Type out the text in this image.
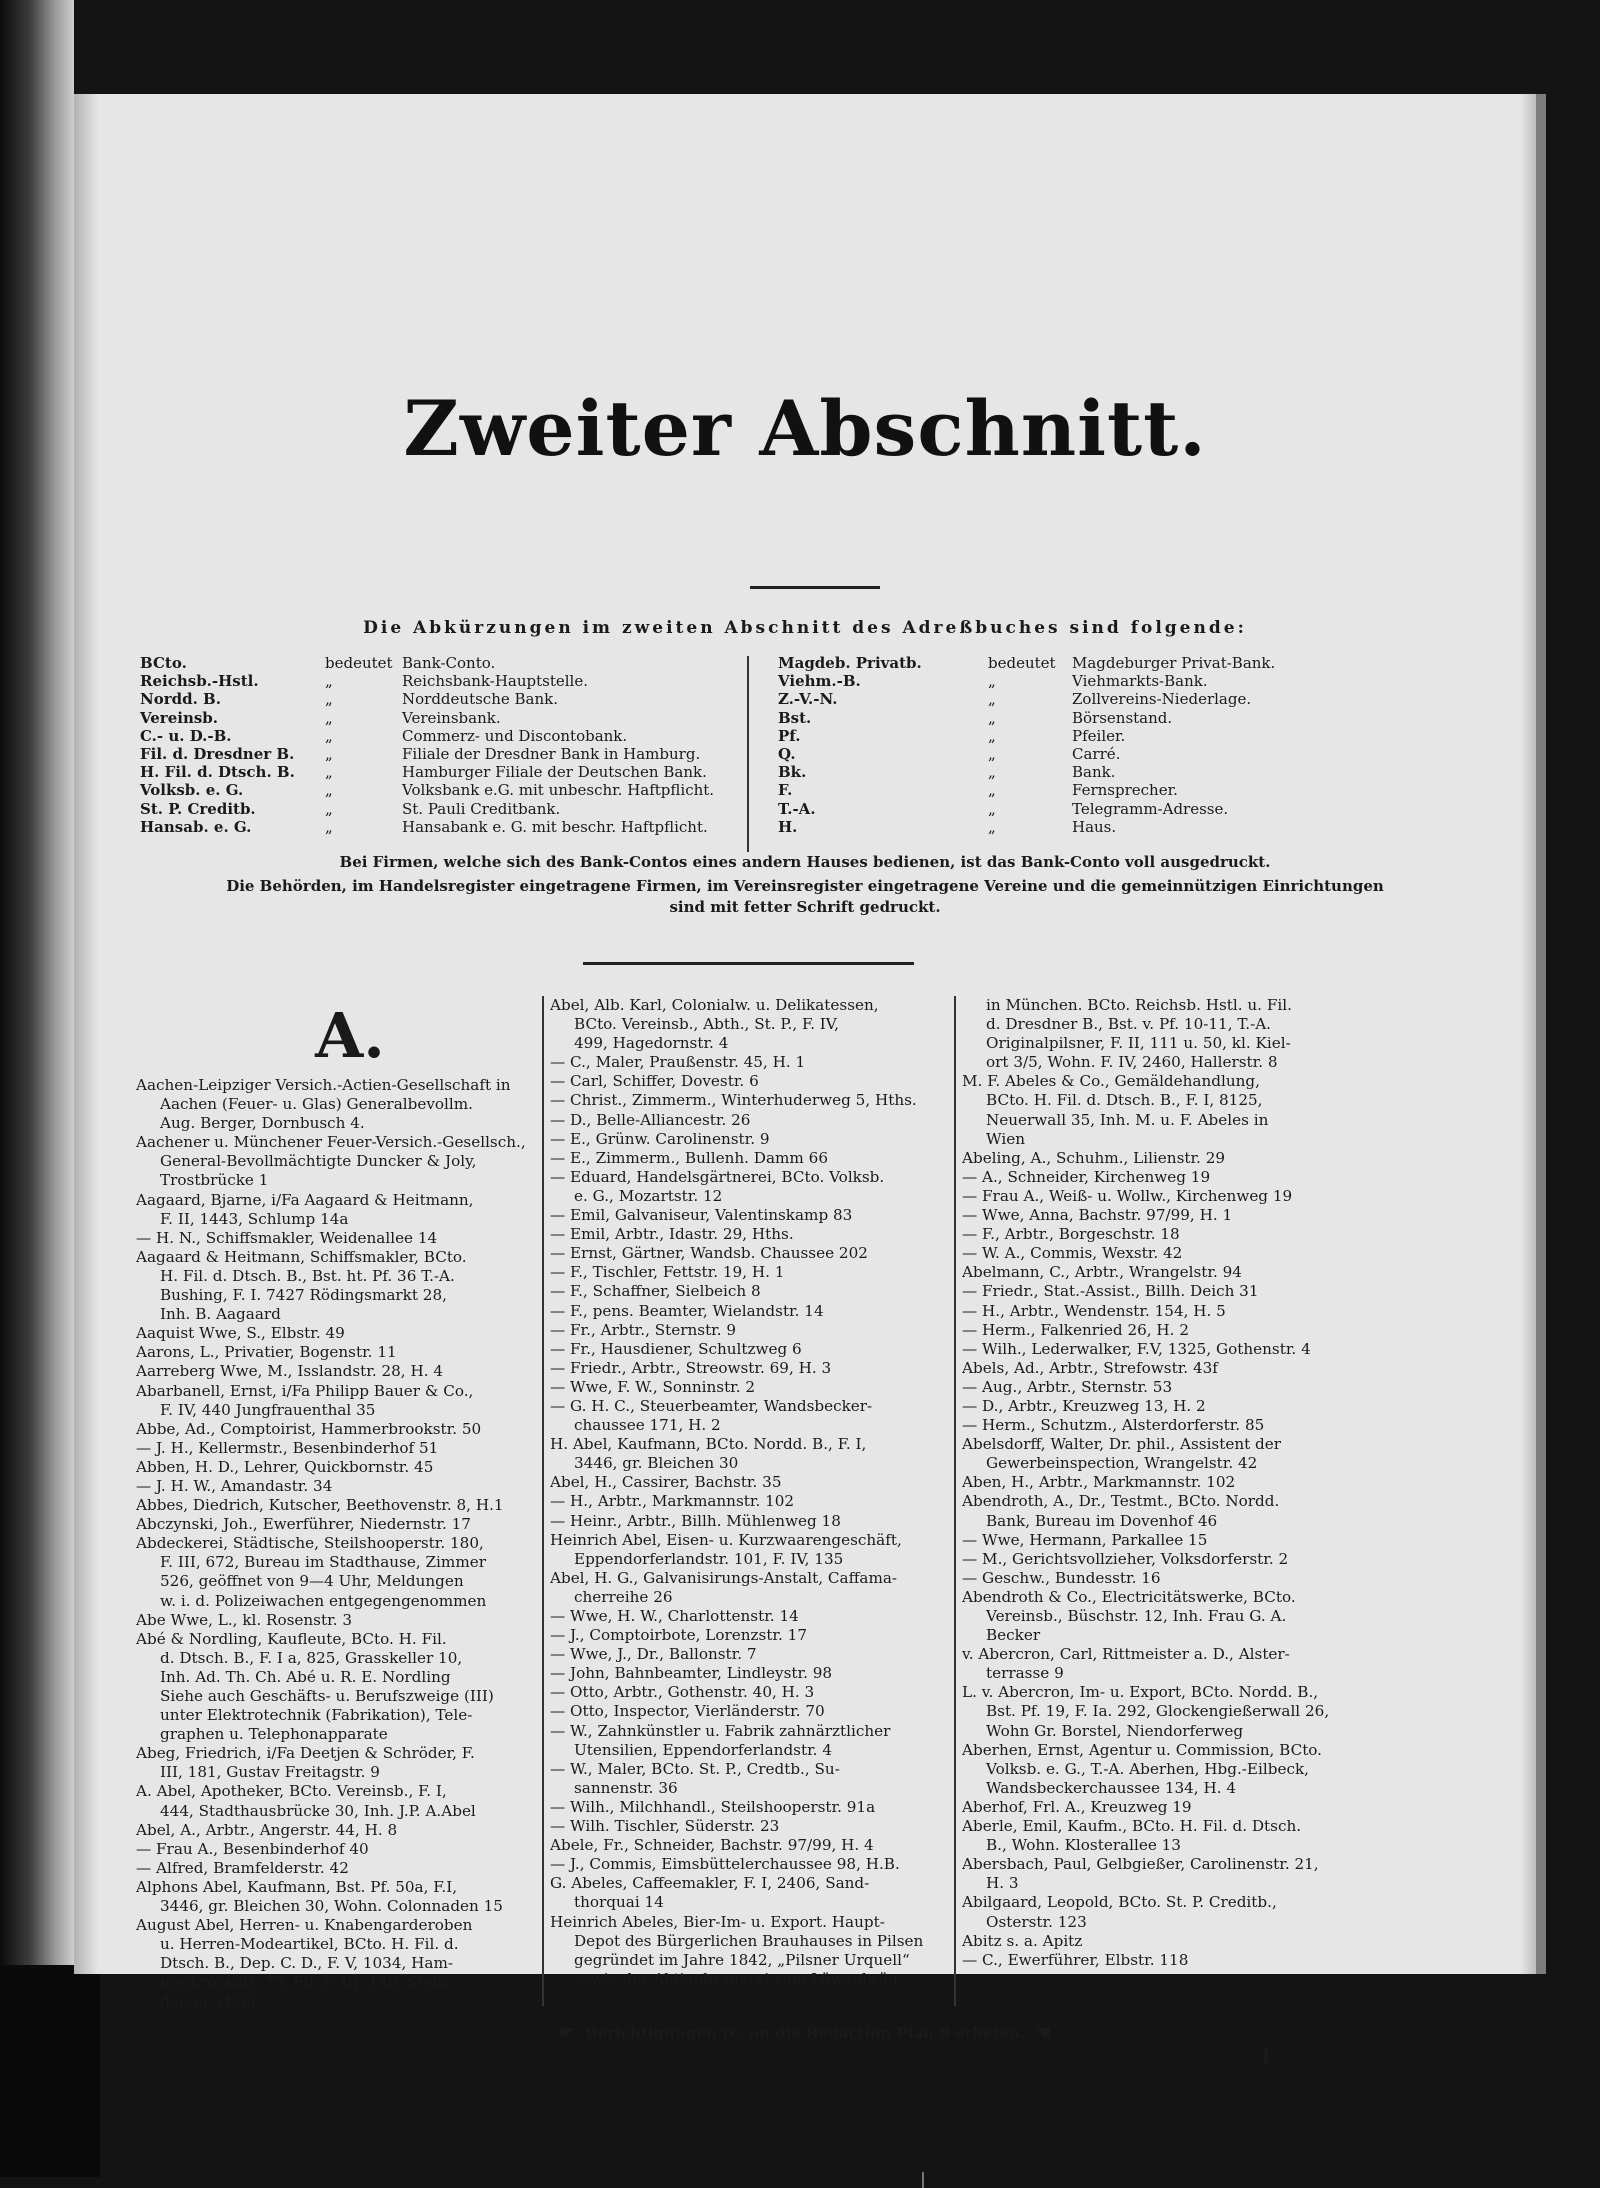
Zweiter Abschnitt.
Die Abkürzungen im zweiten Abschnitt des Adreßbuches sind folgende:
BCto.	bedeutet Bank-Conto.
Reichsb.-Hstl.	„	Reichsbank-Hauptstelle.
Nordd. B.	„	Norddeutsche Bank.
Vereinsb.	„	Vereinsbank.
C.- u. D.-B.	„	Commerz- und Discontobank.
Fil. d. Dresdner B. „	Filiale der Dresdner Bank in Hamburg.
H. Fil. d. Dtsch. B. „	Hamburger Filiale der Deutschen Bank.
Volksb. e. G.	„	Volksbank e.G. mit unbeschr. Haftpflicht.
St. P. Creditb.	„	St. Pauli Creditbank.
Hansab. e. G.	„	Hansabank e. G. mit beschr. Haftpflicht.
Magdeb. Privatb.	bedeutet Magdeburger Privat-Bank.
Viehm.-B.	„	Viehmarkts-Bank.
Z.-V.-N.	„	Zollvereins-Niederlage.
Bst.	„	Börsenstand.
Pf.	„	Pfeiler.
Q.	„	Carré.
Bk.	„	Bank.
F.	„	Fernsprecher.
T.-A.	„	Telegramm-Adresse.
H.	„	Haus.
Bei Firmen, welche sich des Bank-Contos eines andern Hauses bedienen, ist das Bank-Conto voll ausgedruckt.
Die Behörden, im Handelsregister eingetragene Firmen, im Vereinsregister eingetragene Vereine und die gemeinnützigen Einrichtungen
sind mit fetter Schrift gedruckt.
A.
Aachen-Leipziger Versich.-Actien-Gesellschaft in
Aachen (Feuer- u. Glas) Generalbevollm.
Aug. Berger, Dornbusch 4.
Aachener u. Münchener Feuer-Versich.-Gesellsch.,
General-Bevollmächtigte Duncker & Joly,
Trostbrücke 1
Aagaard, Bjarne, i/Fa Aagaard & Heitmann,
F. II, 1443, Schlump 14a
— H. N., Schiffsmakler, Weidenallee 14
Aagaard & Heitmann, Schiffsmakler, BCto.
H. Fil. d. Dtsch. B., Bst. ht. Pf. 36 T.-A.
Bushing, F. I. 7427 Rödingsmarkt 28,
Inh. B. Aagaard
Aaquist Wwe, S., Elbstr. 49
Aarons, L., Privatier, Bogenstr. 11
Aarreberg Wwe, M., Isslandstr. 28, H. 4
Abarbanell, Ernst, i/Fa Philipp Bauer & Co.,
F. IV, 440 Jungfrauenthal 35
Abbe, Ad., Comptoirist, Hammerbrookstr. 50
— J. H., Kellermstr., Besenbinderhof 51
Abben, H. D., Lehrer, Quickbornstr. 45
— J. H. W., Amandastr. 34
Abbes, Diedrich, Kutscher, Beethovenstr. 8, H.1
Abczynski, Joh., Ewerführer, Niedernstr. 17
Abdeckerei, Städtische, Steilshooperstr. 180,
F. III, 672, Bureau im Stadthause, Zimmer
526, geöffnet von 9—4 Uhr, Meldungen
w. i. d. Polizeiwachen entgegengenommen
Abe Wwe, L., kl. Rosenstr. 3
Abé & Nordling, Kaufleute, BCto. H. Fil.
d. Dtsch. B., F. I a, 825, Grasskeller 10,
Inh. Ad. Th. Ch. Abé u. R. E. Nordling
Siehe auch Geschäfts- u. Berufszweige (III)
unter Elektrotechnik (Fabrikation), Tele-
graphen u. Telephonapparate
Abeg, Friedrich, i/Fa Deetjen & Schröder, F.
III, 181, Gustav Freitagstr. 9
A. Abel, Apotheker, BCto. Vereinsb., F. I,
444, Stadthausbrücke 30, Inh. J.P. A.Abel
Abel, A., Arbtr., Angerstr. 44, H. 8
— Frau A., Besenbinderhof 40
— Alfred, Bramfelderstr. 42
Alphons Abel, Kaufmann, Bst. Pf. 50a, F.I,
3446, gr. Bleichen 30, Wohn. Colonnaden 15
August Abel, Herren- u. Knabengarderoben
u. Herren-Modeartikel, BCto. H. Fil. d.
Dtsch. B., Dep. C. D., F. V, 1034, Ham-
merbrookstr. 75, Fil. F. III, 146, Stein-
damm 54/56
Abel, Alb. Karl, Colonialw. u. Delikatessen,
BCto. Vereinsb., Abth., St. P., F. IV,
499, Hagedornstr. 4
— C., Maler, Praußenstr. 45, H. 1
— Carl, Schiffer, Dovestr. 6
— Christ., Zimmerm., Winterhuderweg 5, Hths.
— D., Belle-Alliancestr. 26
— E., Grünw. Carolinenstr. 9
— E., Zimmerm., Bullenh. Damm 66
— Eduard, Handelsgärtnerei, BCto. Volksb.
e. G., Mozartstr. 12
— Emil, Galvaniseur, Valentinskamp 83
— Emil, Arbtr., Idastr. 29, Hths.
— Ernst, Gärtner, Wandsb. Chaussee 202
— F., Tischler, Fettstr. 19, H. 1
— F., Schaffner, Sielbeich 8
— F., pens. Beamter, Wielandstr. 14
— Fr., Arbtr., Sternstr. 9
— Fr., Hausdiener, Schultzweg 6
— Friedr., Arbtr., Streowstr. 69, H. 3
— Wwe, F. W., Sonninstr. 2
— G. H. C., Steuerbeamter, Wandsbecker-
chaussee 171, H. 2
H. Abel, Kaufmann, BCto. Nordd. B., F. I,
3446, gr. Bleichen 30
Abel, H., Cassirer, Bachstr. 35
— H., Arbtr., Markmannstr. 102
— Heinr., Arbtr., Billh. Mühlenweg 18
Heinrich Abel, Eisen- u. Kurzwaarengeschäft,
Eppendorferlandstr. 101, F. IV, 135
Abel, H. G., Galvanisirungs-Anstalt, Caffama-
cherreihe 26
— Wwe, H. W., Charlottenstr. 14
— J., Comptoirbote, Lorenzstr. 17
— Wwe, J., Dr., Ballonstr. 7
— John, Bahnbeamter, Lindleystr. 98
— Otto, Arbtr., Gothenstr. 40, H. 3
— Otto, Inspector, Vierländerstr. 70
— W., Zahnkünstler u. Fabrik zahnärztlicher
Utensilien, Eppendorferlandstr. 4
— W., Maler, BCto. St. P., Credtb., Su-
sannenstr. 36
— Wilh., Milchhandl., Steilshooperstr. 91a
— Wilh. Tischler, Süderstr. 23
Abele, Fr., Schneider, Bachstr. 97/99, H. 4
— J., Commis, Eimsbüttelerchaussee 98, H.B.
G. Abeles, Caffeemakler, F. I, 2406, Sand-
thorquai 14
Heinrich Abeles, Bier-Im- u. Export. Haupt-
Depot des Bürgerlichen Brauhauses in Pilsen
gegründet im Jahre 1842, „Pilsner Urquell“
sowie der Aktienbrauerei zum Löwenbräu
in München. BCto. Reichsb. Hstl. u. Fil.
d. Dresdner B., Bst. v. Pf. 10-11, T.-A.
Originalpilsner, F. II, 111 u. 50, kl. Kiel-
ort 3/5, Wohn. F. IV, 2460, Hallerstr. 8
M. F. Abeles & Co., Gemäldehandlung,
BCto. H. Fil. d. Dtsch. B., F. I, 8125,
Neuerwall 35, Inh. M. u. F. Abeles in
Wien
Abeling, A., Schuhm., Lilienstr. 29
— A., Schneider, Kirchenweg 19
— Frau A., Weiß- u. Wollw., Kirchenweg 19
— Wwe, Anna, Bachstr. 97/99, H. 1
— F., Arbtr., Borgeschstr. 18
— W. A., Commis, Wexstr. 42
Abelmann, C., Arbtr., Wrangelstr. 94
— Friedr., Stat.-Assist., Billh. Deich 31
— H., Arbtr., Wendenstr. 154, H. 5
— Herm., Falkenried 26, H. 2
— Wilh., Lederwalker, F.V, 1325, Gothenstr. 4
Abels, Ad., Arbtr., Strefowstr. 43f
— Aug., Arbtr., Sternstr. 53
— D., Arbtr., Kreuzweg 13, H. 2
— Herm., Schutzm., Alsterdorferstr. 85
Abelsdorff, Walter, Dr. phil., Assistent der
Gewerbeinspection, Wrangelstr. 42
Aben, H., Arbtr., Markmannstr. 102
Abendroth, A., Dr., Testmt., BCto. Nordd.
Bank, Bureau im Dovenhof 46
— Wwe, Hermann, Parkallee 15
— M., Gerichtsvollzieher, Volksdorferstr. 2
— Geschw., Bundesstr. 16
Abendroth & Co., Electricitätswerke, BCto.
Vereinsb., Büschstr. 12, Inh. Frau G. A.
Becker
v. Abercron, Carl, Rittmeister a. D., Alster-
terrasse 9
L. v. Abercron, Im- u. Export, BCto. Nordd. B.,
Bst. Pf. 19, F. Ia. 292, Glockengießerwall 26,
Wohn Gr. Borstel, Niendorferweg
Aberhen, Ernst, Agentur u. Commission, BCto.
Volksb. e. G., T.-A. Aberhen, Hbg.-Eilbeck,
Wandsbeckerchaussee 134, H. 4
Aberhof, Frl. A., Kreuzweg 19
Aberle, Emil, Kaufm., BCto. H. Fil. d. Dtsch.
B., Wohn. Klosterallee 13
Abersbach, Paul, Gelbgießer, Carolinenstr. 21,
H. 3
Abilgaard, Leopold, BCto. St. P. Creditb.,
Osterstr. 123
Abitz s. a. Apitz
— C., Ewerführer, Elbstr. 118
☛ Berichtigungen rc. an die Redaction Plan 9 erbeten. ☚
1
